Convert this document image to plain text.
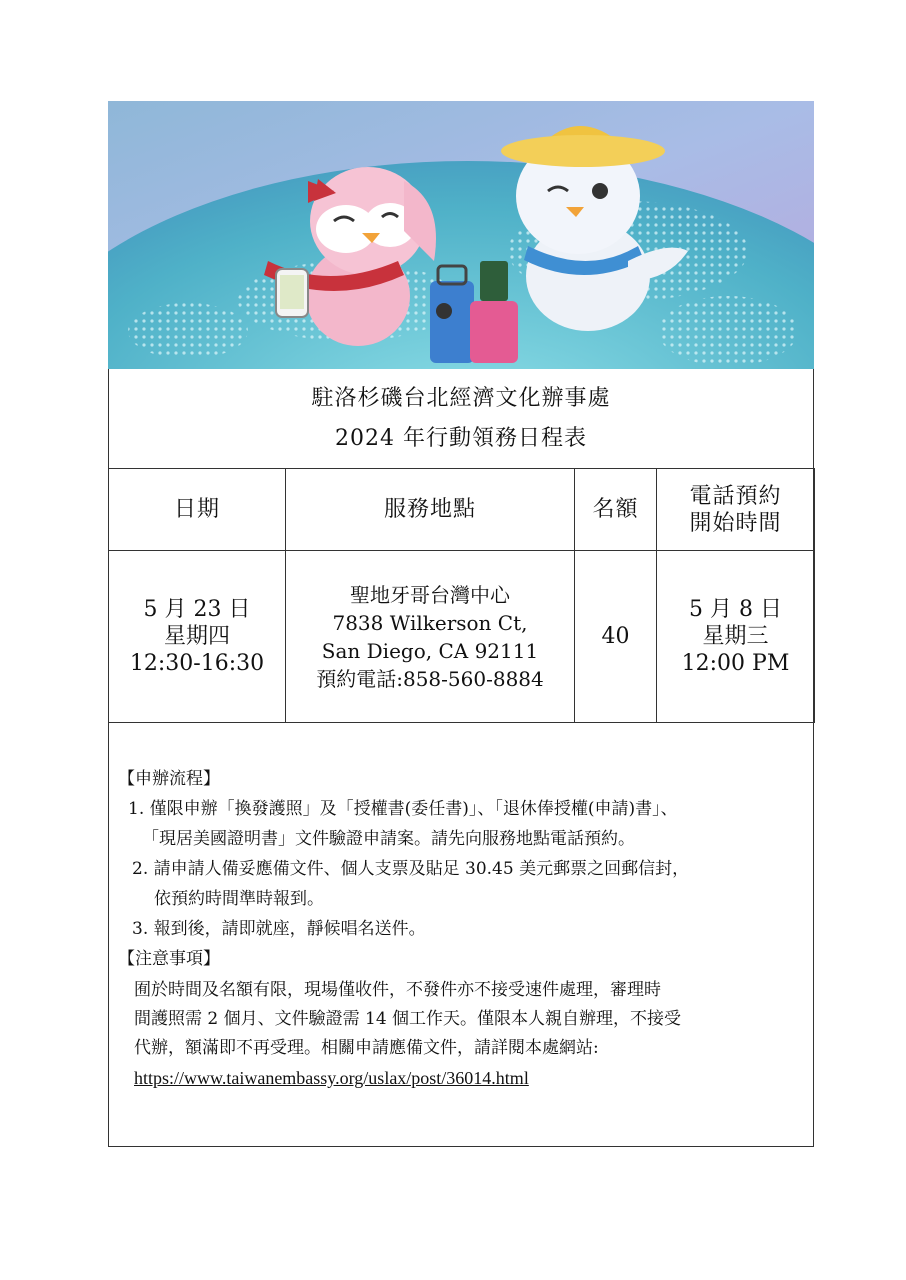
駐洛杉磯台北經濟文化辦事處
2024 年行動領務日程表
日期	服務地點	名額	電話預約
開始時間

5 月 23 日
星期四
12:30-16:30	聖地牙哥台灣中心
7838 Wilkerson Ct,
San Diego, CA 92111
預約電話:858-560-8884	40	5 月 8 日
星期三
12:00 PM

【申辦流程】

1. 僅限申辦「換發護照」及「授權書(委任書)」、「退休俸授權(申請)書」、
「現居美國證明書」文件驗證申請案。請先向服務地點電話預約。

2. 請申請人備妥應備文件、個人支票及貼足 30.45 美元郵票之回郵信封，
依預約時間準時報到。

3. 報到後，請即就座，靜候唱名送件。

【注意事項】

囿於時間及名額有限，現場僅收件，不發件亦不接受速件處理，審理時
間護照需 2 個月、文件驗證需 14 個工作天。僅限本人親自辦理，不接受
代辦，額滿即不再受理。相關申請應備文件，請詳閱本處網站:
https://www.taiwanembassy.org/uslax/post/36014.html
